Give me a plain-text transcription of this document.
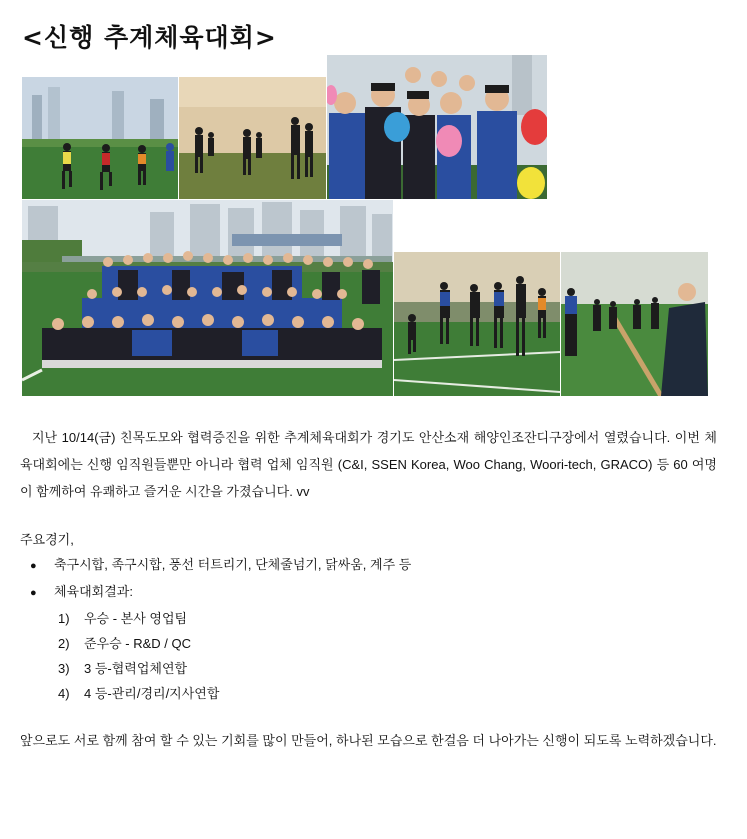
<신행 추계체육대회>

지난 10/14(금) 친목도모와 협력증진을 위한 추계체육대회가 경기도 안산소재 해양인조잔디구장에서 열렸습니다. 이번 체육대회에는 신행 임직원들뿐만 아니라 협력 업체 임직원 (C&I, SSEN Korea, Woo Chang, Woori-tech, GRACO) 등 60 여명이 함께하여 유쾌하고 즐거운 시간을 가졌습니다. vv

주요경기,
● 축구시합, 족구시합, 풍선 터트리기, 단체줄넘기, 닭싸움, 계주 등
● 체육대회결과:
1) 우승 - 본사 영업팀
2) 준우승 - R&D / QC
3) 3 등-협력업체연합
4) 4 등-관리/경리/지사연합

앞으로도 서로 함께 참여 할 수 있는 기회를 많이 만들어, 하나된 모습으로 한걸음 더 나아가는 신행이 되도록 노력하겠습니다.
